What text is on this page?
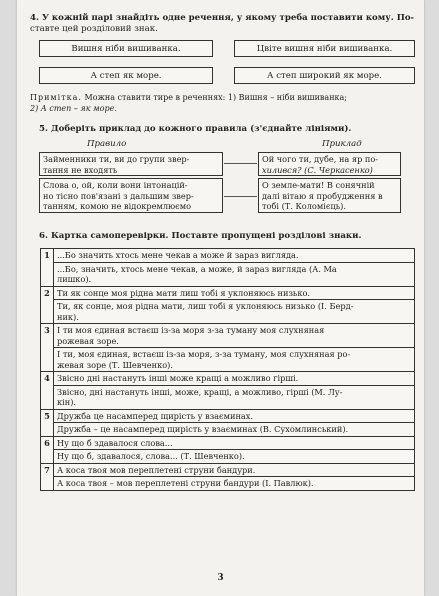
4. У кожній парі знайдіть одне речення, у якому треба поставити кому. По-
ставте цей розділовий знак.
Вишня ніби вишиванка.	Цвіте вишня ніби вишиванка.
А степ як море.	А степ широкий як море.
Примітка. Можна ставити тире в реченнях: 1) Вишня – ніби вишиванка;
2) А степ – як море.
5. Доберіть приклад до кожного правила (з'єднайте лініями).
Правило	Приклад
Займенники ти, ви до групи звер-
тання не входять
Слова о, ой, коли вони інтонацій-
но тісно пов'язані з дальшим звер-
танням, комою не відокремлюємо
Ой чого ти, дубе, на яр по-
хилився? (С. Черкасенко)
О земле-мати! В сонячній
далі вітаю я пробудження в
тобі (Т. Коломієць).
6. Картка самоперевірки. Поставте пропущені розділові знаки.
1	...Бо значить хтось мене чекав а може й зараз вигляда.
	...Бо, значить, хтось мене чекав, а може, й зараз вигляда (А. Ма
лишко).
2	Ти як сонце моя рідна мати лиш тобі я уклоняюсь низько.
	Ти, як сонце, моя рідна мати, лиш тобі я уклоняюсь низько (І. Берд-
ник).
3	І ти моя єдиная встаєш із-за моря з-за туману моя слухняная
рожевая зоре.
	І ти, моя єдиная, встаєш із-за моря, з-за туману, моя слухняная ро-
жевая зоре (Т. Шевченко).
4	Звісно дні настануть інші може кращі а можливо гірші.
	Звісно, дні настануть інші, може, кращі, а можливо, гірші (М. Лу-
кін).
5	Дружба це насамперед щирість у взаєминах.
	Дружба – це насамперед щирість у взаєминах (В. Сухомлинський).
6	Ну що б здавалося слова...
	Ну що б, здавалося, слова... (Т. Шевченко).
7	А коса твоя мов переплетені струни бандури.
	А коса твоя – мов переплетені струни бандури (І. Павлюк).
3
